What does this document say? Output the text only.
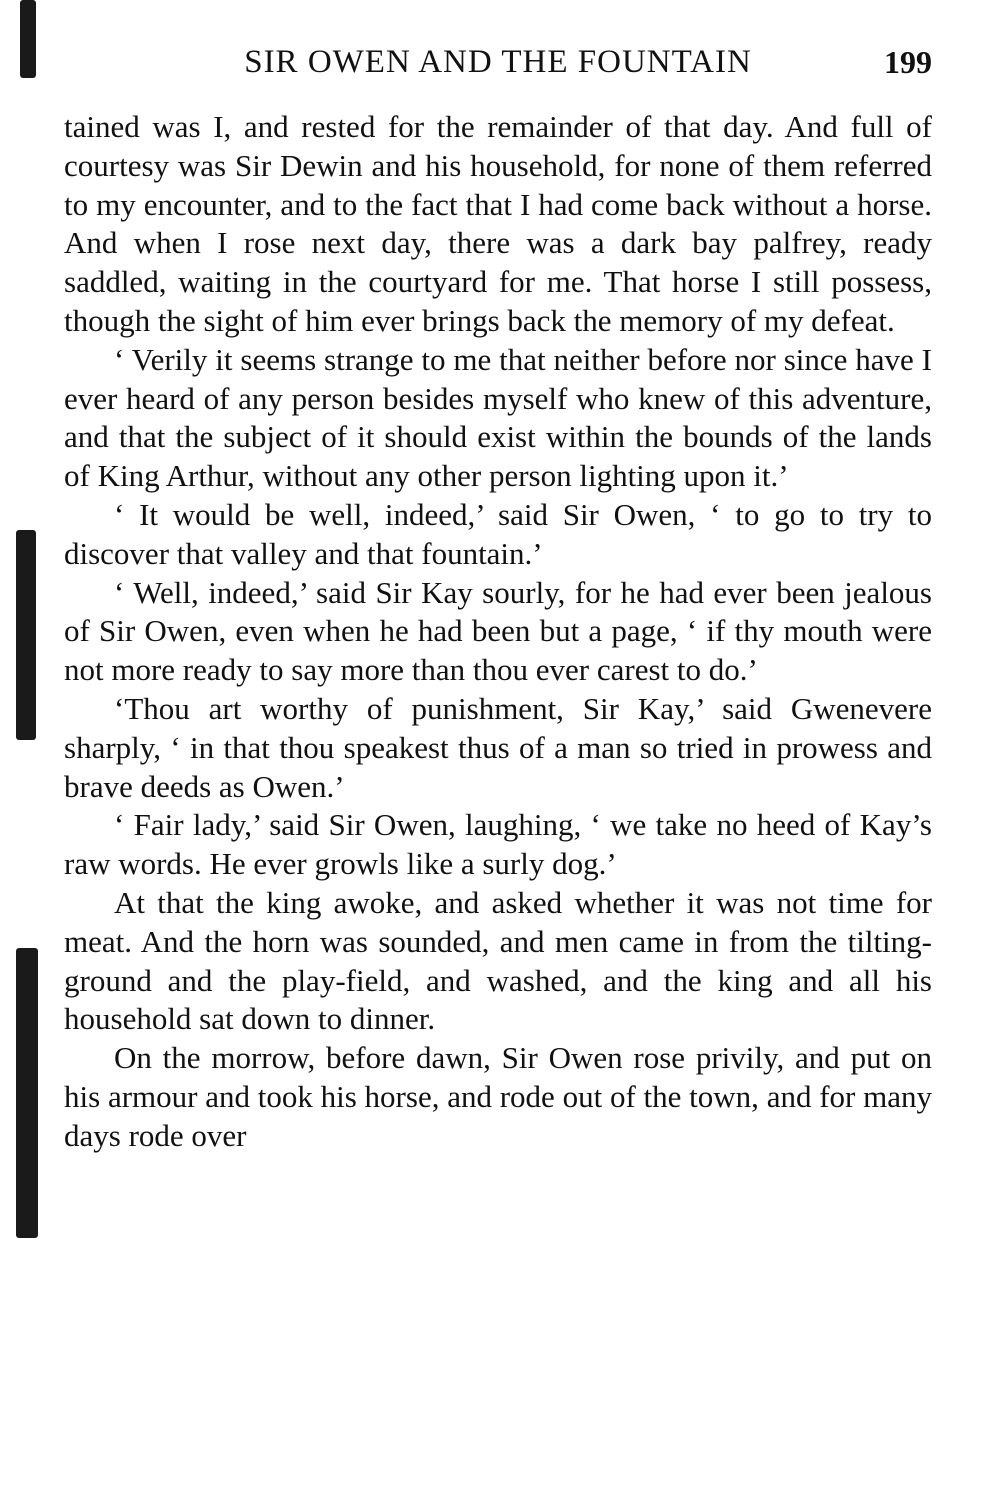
SIR OWEN AND THE FOUNTAIN	199

tained was I, and rested for the remainder of that day. And full of courtesy was Sir Dewin and his household, for none of them referred to my encounter, and to the fact that I had come back without a horse. And when I rose next day, there was a dark bay palfrey, ready saddled, waiting in the courtyard for me. That horse I still possess, though the sight of him ever brings back the memory of my defeat.

‘ Verily it seems strange to me that neither before nor since have I ever heard of any person besides myself who knew of this adventure, and that the subject of it should exist within the bounds of the lands of King Arthur, without any other person lighting upon it.’

‘ It would be well, indeed,’ said Sir Owen, ‘ to go to try to discover that valley and that fountain.’

‘ Well, indeed,’ said Sir Kay sourly, for he had ever been jealous of Sir Owen, even when he had been but a page, ‘ if thy mouth were not more ready to say more than thou ever carest to do.’

‘Thou art worthy of punishment, Sir Kay,’ said Gwenevere sharply, ‘ in that thou speakest thus of a man so tried in prowess and brave deeds as Owen.’

‘ Fair lady,’ said Sir Owen, laughing, ‘ we take no heed of Kay’s raw words. He ever growls like a surly dog.’

At that the king awoke, and asked whether it was not time for meat. And the horn was sounded, and men came in from the tilting-ground and the play-field, and washed, and the king and all his household sat down to dinner.

On the morrow, before dawn, Sir Owen rose privily, and put on his armour and took his horse, and rode out of the town, and for many days rode over
